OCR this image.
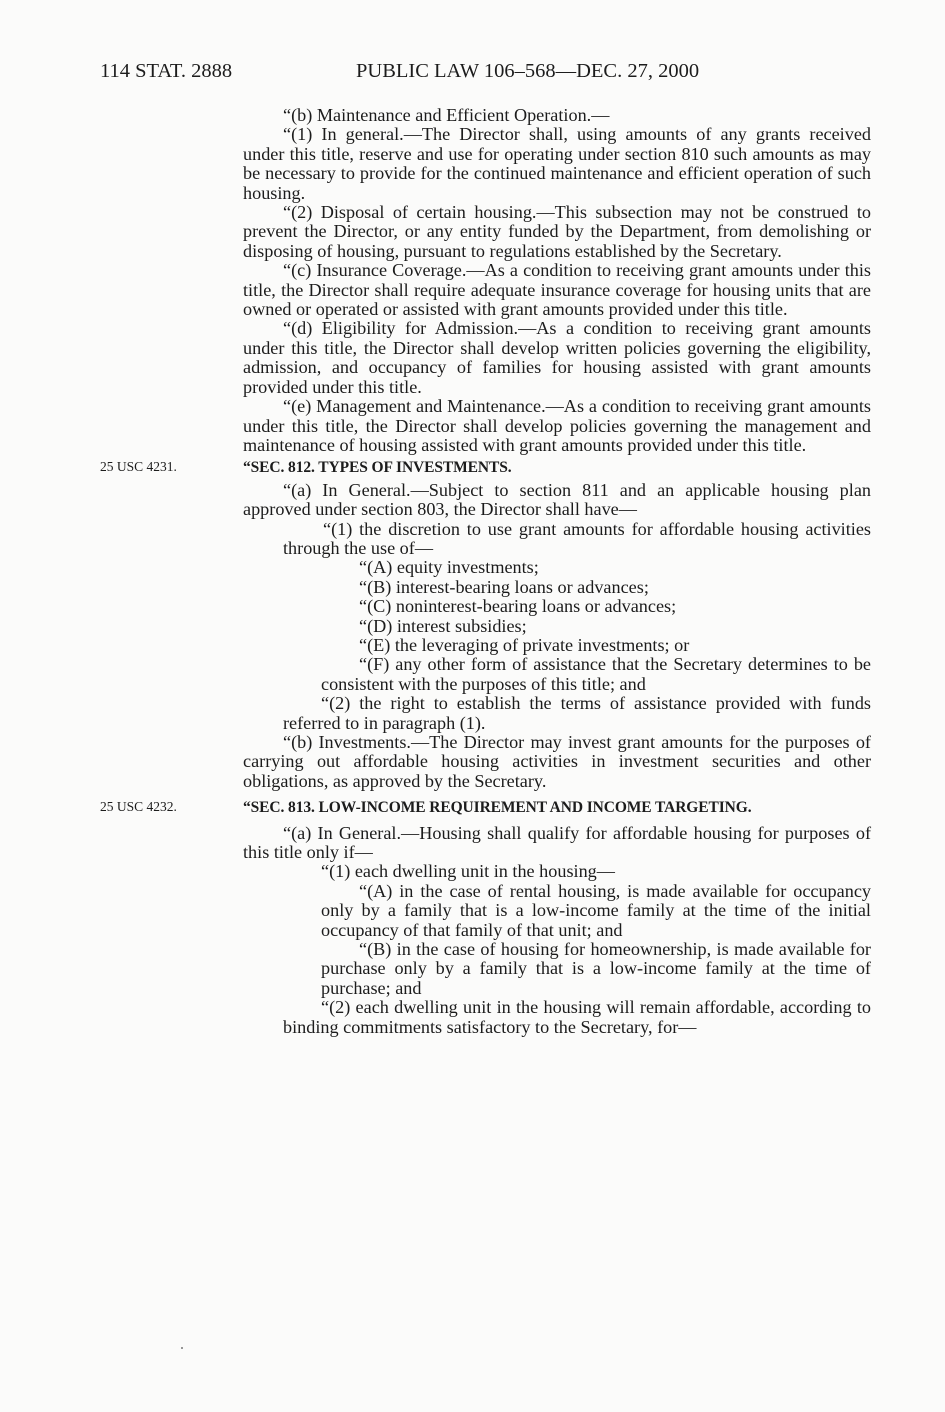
114 STAT. 2888	PUBLIC LAW 106–568—DEC. 27, 2000

“(b) Maintenance and Efficient Operation.—

“(1) In general.—The Director shall, using amounts of any grants received under this title, reserve and use for operating under section 810 such amounts as may be necessary to provide for the continued maintenance and efficient operation of such housing.

“(2) Disposal of certain housing.—This subsection may not be construed to prevent the Director, or any entity funded by the Department, from demolishing or disposing of housing, pursuant to regulations established by the Secretary.

“(c) Insurance Coverage.—As a condition to receiving grant amounts under this title, the Director shall require adequate insurance coverage for housing units that are owned or operated or assisted with grant amounts provided under this title.

“(d) Eligibility for Admission.—As a condition to receiving grant amounts under this title, the Director shall develop written policies governing the eligibility, admission, and occupancy of families for housing assisted with grant amounts provided under this title.

“(e) Management and Maintenance.—As a condition to receiving grant amounts under this title, the Director shall develop policies governing the management and maintenance of housing assisted with grant amounts provided under this title.

25 USC 4231.	“SEC. 812. TYPES OF INVESTMENTS.

“(a) In General.—Subject to section 811 and an applicable housing plan approved under section 803, the Director shall have—

“(1) the discretion to use grant amounts for affordable housing activities through the use of—

“(A) equity investments;

“(B) interest-bearing loans or advances;

“(C) noninterest-bearing loans or advances;

“(D) interest subsidies;

“(E) the leveraging of private investments; or

“(F) any other form of assistance that the Secretary determines to be consistent with the purposes of this title; and

“(2) the right to establish the terms of assistance provided with funds referred to in paragraph (1).

“(b) Investments.—The Director may invest grant amounts for the purposes of carrying out affordable housing activities in investment securities and other obligations, as approved by the Secretary.

25 USC 4232.	“SEC. 813. LOW-INCOME REQUIREMENT AND INCOME TARGETING.

“(a) In General.—Housing shall qualify for affordable housing for purposes of this title only if—

“(1) each dwelling unit in the housing—

“(A) in the case of rental housing, is made available for occupancy only by a family that is a low-income family at the time of the initial occupancy of that family of that unit; and

“(B) in the case of housing for homeownership, is made available for purchase only by a family that is a low-income family at the time of purchase; and

“(2) each dwelling unit in the housing will remain affordable, according to binding commitments satisfactory to the Secretary, for—
